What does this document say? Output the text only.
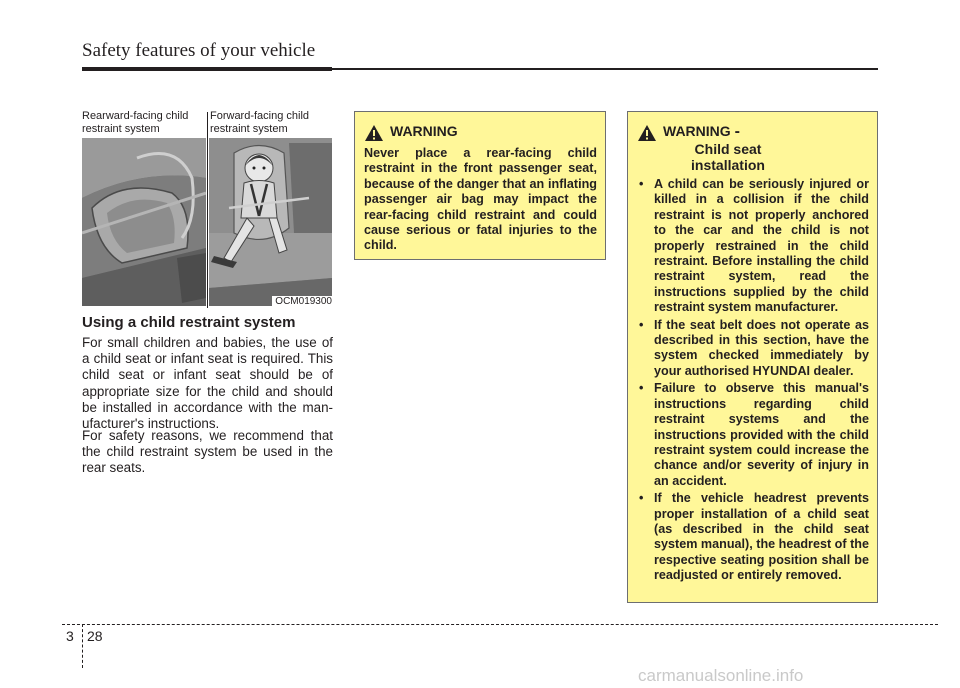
Safety features of your vehicle
Rearward-facing child restraint system
Forward-facing child restraint system
OCM019300
Using a child restraint system
For small children and babies, the use of a child seat or infant seat is required. This child seat or infant seat should be of appropriate size for the child and should be installed in accordance with the man-ufacturer's instructions.
For safety reasons, we recommend that the child restraint system be used in the rear seats.
WARNING
Never place a rear-facing child restraint in the front passenger seat, because of the danger that an inflating passenger air bag may impact the rear-facing child restraint and could cause serious or fatal injuries to the child.
WARNING -Child seat installation
• A child can be seriously injured or killed in a collision if the child restraint is not properly anchored to the car and the child is not properly restrained in the child restraint. Before installing the child restraint system, read the instructions supplied by the child restraint system manufacturer.
• If the seat belt does not operate as described in this section, have the system checked immediately by your authorised HYUNDAI dealer.
• Failure to observe this manual's instructions regarding child restraint systems and the instructions provided with the child restraint system could increase the chance and/or severity of injury in an accident.
• If the vehicle headrest prevents proper installation of a child seat (as described in the child seat system manual), the headrest of the respective seating position shall be readjusted or entirely removed.
3 28
carmanualsonline.info
